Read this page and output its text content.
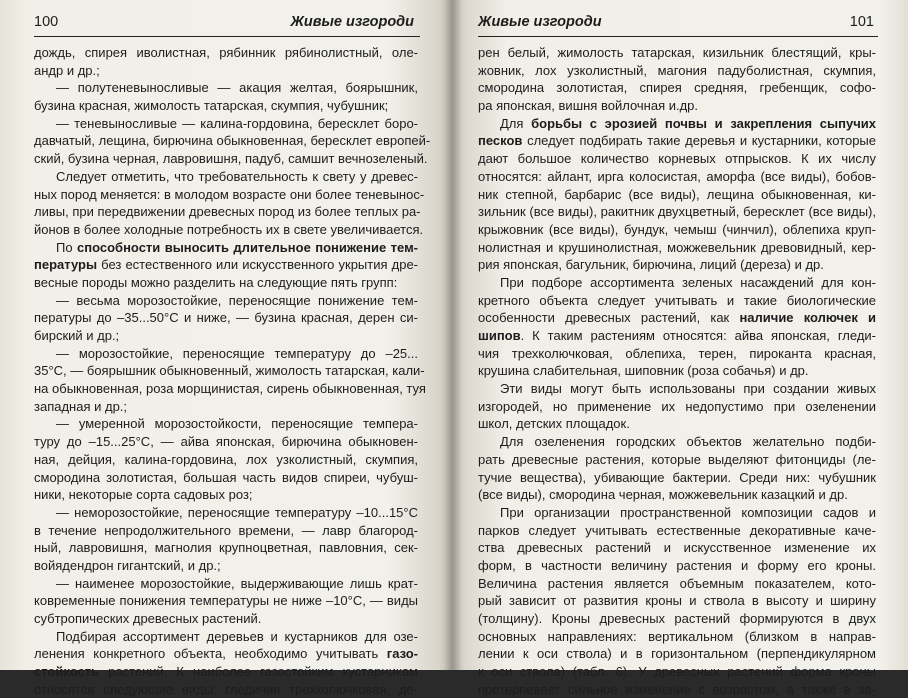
100	Живые изгороди
дождь, спирея иволистная, рябинник рябинолистный, оле-
андр и др.;
— полутеневыносливые — акация желтая, боярышник,
бузина красная, жимолость татарская, скумпия, чубушник;
— теневыносливые — калина-гордовина, бересклет боро-
давчатый, лещина, бирючина обыкновенная, бересклет европей-
ский, бузина черная, лавровишня, падуб, самшит вечнозеленый.
Следует отметить, что требовательность к свету у древес-
ных пород меняется: в молодом возрасте они более теневынос-
ливы, при передвижении древесных пород из более теплых ра-
йонов в более холодные потребность их в свете увеличивается.
По способности выносить длительное понижение тем-
пературы без естественного или искусственного укрытия дре-
весные породы можно разделить на следующие пять групп:
— весьма морозостойкие, переносящие понижение тем-
пературы до –35...50°С и ниже, — бузина красная, дерен си-
бирский и др.;
— морозостойкие, переносящие температуру до –25...
35°С, — боярышник обыкновенный, жимолость татарская, кали-
на обыкновенная, роза морщинистая, сирень обыкновенная, туя
западная и др.;
— умеренной морозостойкости, переносящие темпера-
туру до –15...25°С, — айва японская, бирючина обыкновен-
ная, дейция, калина-гордовина, лох узколистный, скумпия,
смородина золотистая, большая часть видов спиреи, чубуш-
ники, некоторые сорта садовых роз;
— неморозостойкие, переносящие температуру –10...15°С
в течение непродолжительного времени, — лавр благород-
ный, лавровишня, магнолия крупноцветная, павловния, сек-
войядендрон гигантский, и др.;
— наименее морозостойкие, выдерживающие лишь крат-
ковременные понижения температуры не ниже –10°С, — виды
субтропических древесных растений.
Подбирая ассортимент деревьев и кустарников для озе-
ленения конкретного объекта, необходимо учитывать газо-
стойкость растений. К наиболее газостойким кустарникам
относятся следующие виды: гледичия трехколючковая, де-
Живые изгороди	101
рен белый, жимолость татарская, кизильник блестящий, кры-
жовник, лох узколистный, магония падуболистная, скумпия,
смородина золотистая, спирея средняя, гребенщик, софо-
ра японская, вишня войлочная и.др.
Для борьбы с эрозией почвы и закрепления сыпучих
песков следует подбирать такие деревья и кустарники, которые
дают большое количество корневых отпрысков. К их числу
относятся: айлант, ирга колосистая, аморфа (все виды), бобов-
ник степной, барбарис (все виды), лещина обыкновенная, ки-
зильник (все виды), ракитник двухцветный, бересклет (все виды),
крыжовник (все виды), бундук, чемыш (чинчил), облепиха круп-
нолистная и крушинолистная, можжевельник древовидный, кер-
рия японская, багульник, бирючина, лиций (дереза) и др.
При подборе ассортимента зеленых насаждений для кон-
кретного объекта следует учитывать и такие биологические
особенности древесных растений, как наличие колючек и
шипов. К таким растениям относятся: айва японская, гледи-
чия трехколючковая, облепиха, терен, пироканта красная,
крушина слабительная, шиповник (роза собачья) и др.
Эти виды могут быть использованы при создании живых
изгородей, но применение их недопустимо при озеленении
школ, детских площадок.
Для озеленения городских объектов желательно подби-
рать древесные растения, которые выделяют фитонциды (ле-
тучие вещества), убивающие бактерии. Среди них: чубушник
(все виды), смородина черная, можжевельник казацкий и др.
При организации пространственной композиции садов и
парков следует учитывать естественные декоративные каче-
ства древесных растений и искусственное изменение их
форм, в частности величину растения и форму его кроны.
Величина растения является объемным показателем, кото-
рый зависит от развития кроны и ствола в высоту и ширину
(толщину). Кроны древесных растений формируются в двух
основных направлениях: вертикальном (близком в направ-
лении к оси ствола) и в горизонтальном (перпендикулярном
к оси ствола) (табл. 6). У древесных растений форма кроны
претерпевает сильное изменение с возрастом, а также в за-
